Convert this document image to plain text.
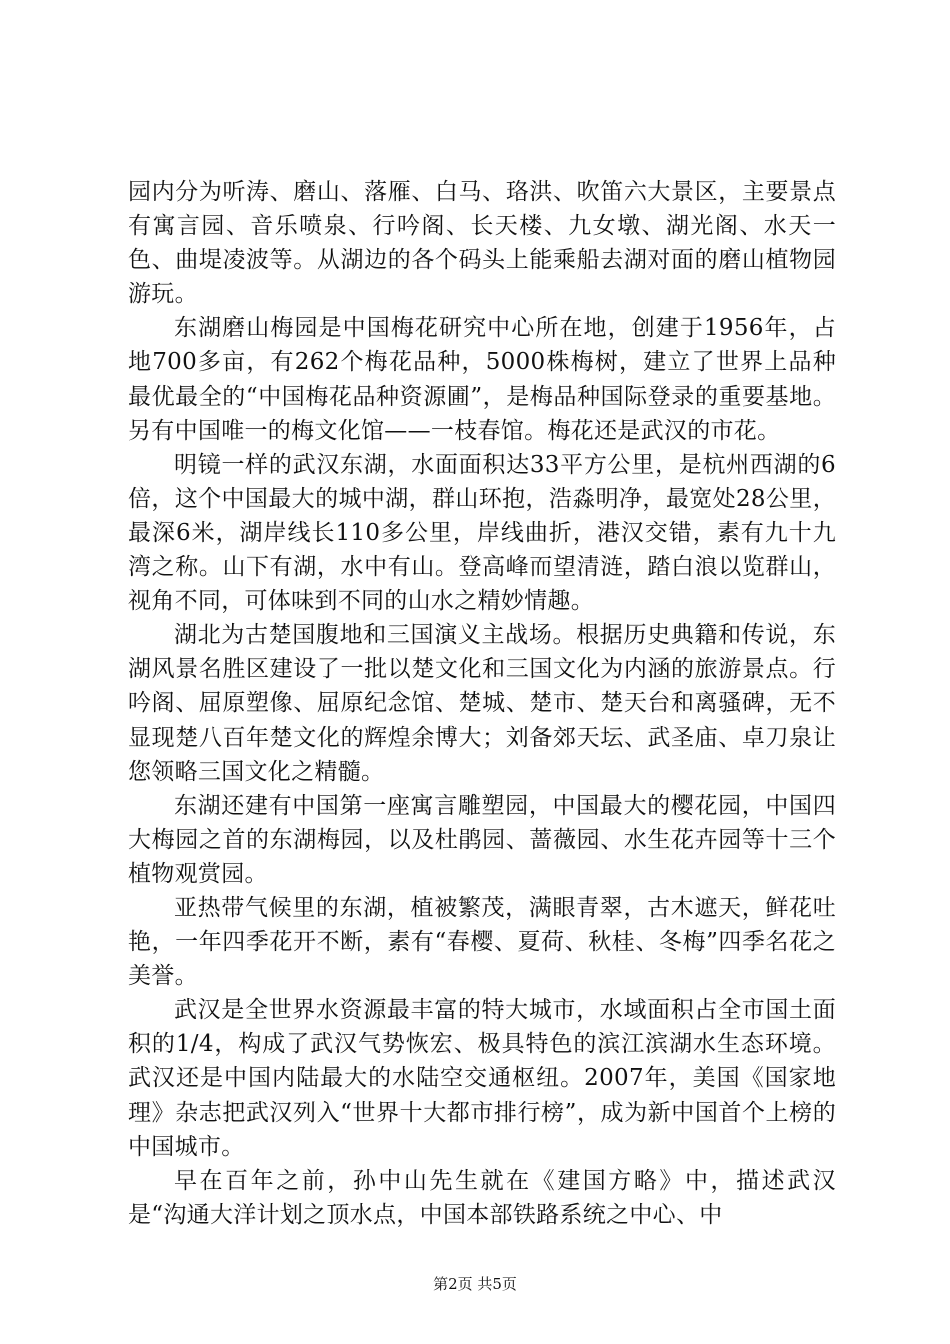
园内分为听涛、磨山、落雁、白马、珞洪、吹笛六大景区，主要景点有寓言园、音乐喷泉、行吟阁、长天楼、九女墩、湖光阁、水天一色、曲堤凌波等。从湖边的各个码头上能乘船去湖对面的磨山植物园游玩。

东湖磨山梅园是中国梅花研究中心所在地，创建于1956年，占地700多亩，有262个梅花品种，5000株梅树，建立了世界上品种最优最全的“中国梅花品种资源圃”，是梅品种国际登录的重要基地。另有中国唯一的梅文化馆——一枝春馆。梅花还是武汉的市花。

明镜一样的武汉东湖，水面面积达33平方公里，是杭州西湖的6倍，这个中国最大的城中湖，群山环抱，浩淼明净，最宽处28公里，最深6米，湖岸线长110多公里，岸线曲折，港汉交错，素有九十九湾之称。山下有湖，水中有山。登高峰而望清涟，踏白浪以览群山，视角不同，可体味到不同的山水之精妙情趣。

湖北为古楚国腹地和三国演义主战场。根据历史典籍和传说，东湖风景名胜区建设了一批以楚文化和三国文化为内涵的旅游景点。行吟阁、屈原塑像、屈原纪念馆、楚城、楚市、楚天台和离骚碑，无不显现楚八百年楚文化的辉煌余博大；刘备郊天坛、武圣庙、卓刀泉让您领略三国文化之精髓。

东湖还建有中国第一座寓言雕塑园，中国最大的樱花园，中国四大梅园之首的东湖梅园，以及杜鹃园、蔷薇园、水生花卉园等十三个植物观赏园。

亚热带气候里的东湖，植被繁茂，满眼青翠，古木遮天，鲜花吐艳，一年四季花开不断，素有“春樱、夏荷、秋桂、冬梅”四季名花之美誉。

武汉是全世界水资源最丰富的特大城市，水域面积占全市国土面积的1/4，构成了武汉气势恢宏、极具特色的滨江滨湖水生态环境。武汉还是中国内陆最大的水陆空交通枢纽。2007年，美国《国家地理》杂志把武汉列入“世界十大都市排行榜”，成为新中国首个上榜的中国城市。

早在百年之前，孙中山先生就在《建国方略》中，描述武汉是“沟通大洋计划之顶水点，中国本部铁路系统之中心、中

第2页 共5页
